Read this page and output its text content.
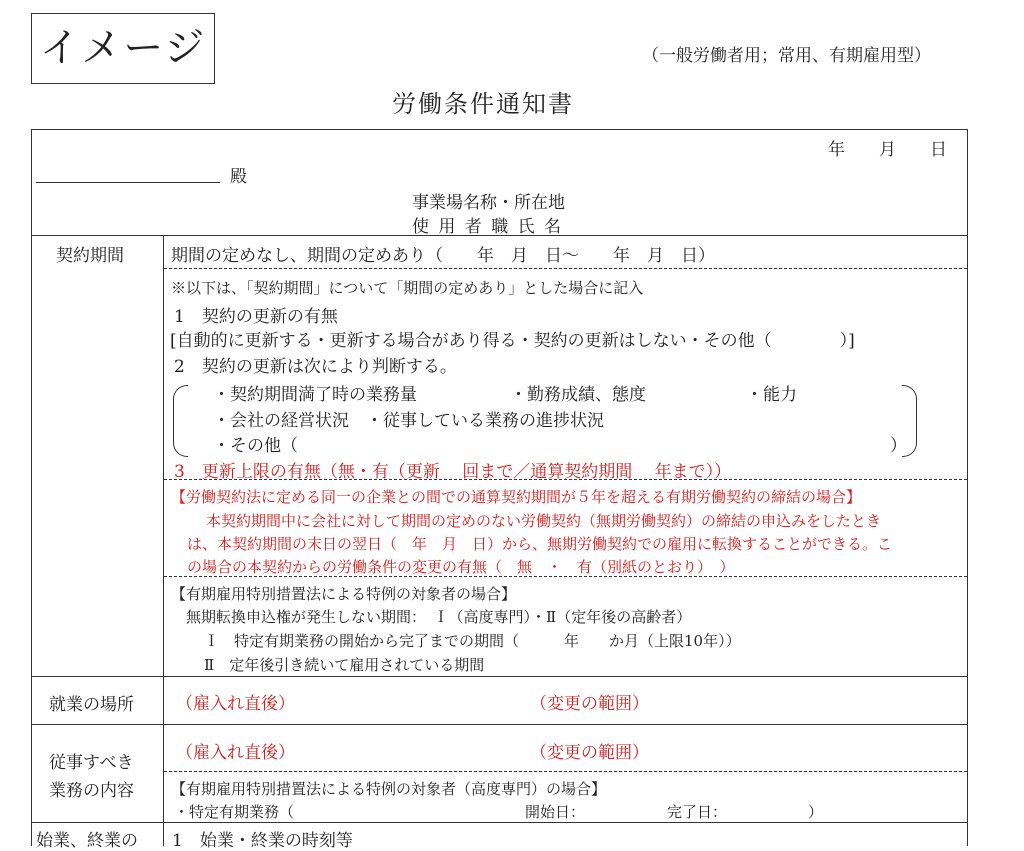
イメージ	（一般労働者用；常用、有期雇用型）
労働条件通知書
年　　月　　日
殿
事業場名称・所在地
使 用 者 職 氏 名
契約期間	期間の定めなし、期間の定めあり（　　年　月　日～　　年　月　日）
※以下は、「契約期間」について「期間の定めあり」とした場合に記入
1　契約の更新の有無
[自動的に更新する・更新する場合があり得る・契約の更新はしない・その他（　　　　）]
2　契約の更新は次により判断する。
・契約期間満了時の業務量	・勤務成績、態度	・能力
・会社の経営状況　・従事している業務の進捗状況
・その他（	）
3　更新上限の有無（無・有（更新　 回まで／通算契約期間　 年まで））
【労働契約法に定める同一の企業との間での通算契約期間が５年を超える有期労働契約の締結の場合】
本契約期間中に会社に対して期間の定めのない労働契約（無期労働契約）の締結の申込みをしたとき
は、本契約期間の末日の翌日（　年　月　日）から、無期労働契約での雇用に転換することができる。こ
の場合の本契約からの労働条件の変更の有無（　無　・　有（別紙のとおり）　）
【有期雇用特別措置法による特例の対象者の場合】
無期転換申込権が発生しない期間：　Ｉ（高度専門）・Ⅱ（定年後の高齢者）
Ｉ　特定有期業務の開始から完了までの期間（　　　年　　か月（上限10年））
Ⅱ　定年後引き続いて雇用されている期間
就業の場所 （雇入れ直後）	（変更の範囲）
従事すべき
業務の内容
（雇入れ直後）	（変更の範囲）
【有期雇用特別措置法による特例の対象者（高度専門）の場合】
・特定有期業務（	開始日：	完了日：	）
始業、終業の 1　始業・終業の時刻等
